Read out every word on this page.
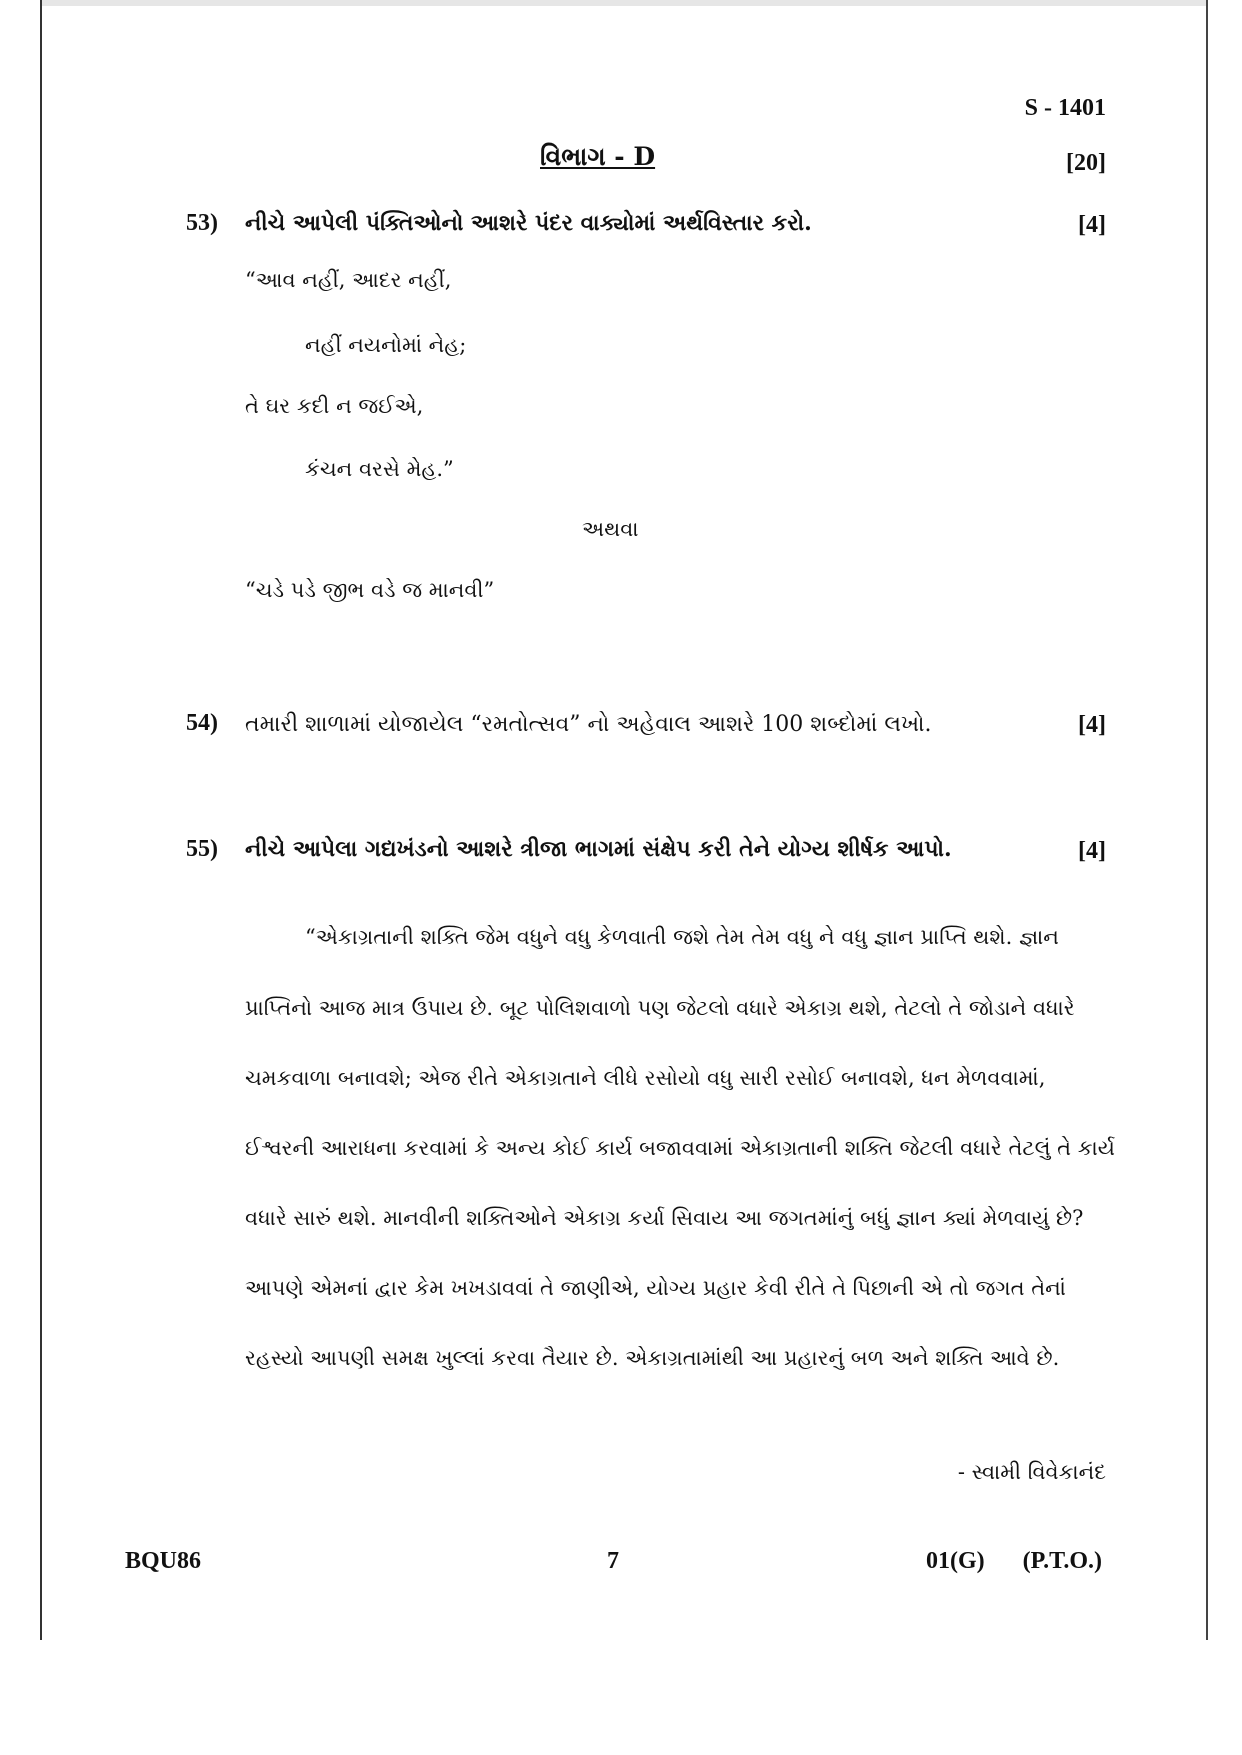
S - 1401
વિભાગ - D	[20]
53) નીચે આપેલી પંક્તિઓનો આશરે પંદર વાક્યોમાં અર્થવિસ્તાર કરો.	[4]
“આવ નહીં, આદર નહીં,
નહીં નયનોમાં નેહ;
તે ઘર કદી ન જઈએ,
કંચન વરસે મેહ.”
અથવા
“ચડે પડે જીભ વડે જ માનવી”
54) તમારી શાળામાં યોજાયેલ “રમતોત્સવ” નો અહેવાલ આશરે 100 શબ્દોમાં લખો.	[4]
55) નીચે આપેલા ગદ્યખંડનો આશરે ત્રીજા ભાગમાં સંક્ષેપ કરી તેને યોગ્ય શીર્ષક આપો.	[4]
“એકાગ્રતાની શક્તિ જેમ વધુને વધુ કેળવાતી જશે તેમ તેમ વધુ ને વધુ જ્ઞાન પ્રાપ્તિ થશે. જ્ઞાન
પ્રાપ્તિનો આજ માત્ર ઉપાય છે. બૂટ પોલિશવાળો પણ જેટલો વધારે એકાગ્ર થશે, તેટલો તે જોડાને વધારે
ચમકવાળા બનાવશે; એજ રીતે એકાગ્રતાને લીધે રસોયો વધુ સારી રસોઈ બનાવશે, ધન મેળવવામાં,
ઈશ્વરની આરાધના કરવામાં કે અન્ય કોઈ કાર્ય બજાવવામાં એકાગ્રતાની શક્તિ જેટલી વધારે તેટલું તે કાર્ય
વધારે સારું થશે. માનવીની શક્તિઓને એકાગ્ર કર્યા સિવાય આ જગતમાંનું બધું જ્ઞાન ક્યાં મેળવાયું છે?
આપણે એમનાં દ્વાર કેમ ખખડાવવાં તે જાણીએ, યોગ્ય પ્રહાર કેવી રીતે તે પિછાની એ તો જગત તેનાં
રહસ્યો આપણી સમક્ષ ખુલ્લાં કરવા તૈયાર છે. એકાગ્રતામાંથી આ પ્રહારનું બળ અને શક્તિ આવે છે.
- સ્વામી વિવેકાનંદ
BQU86	7	01(G) (P.T.O.)
